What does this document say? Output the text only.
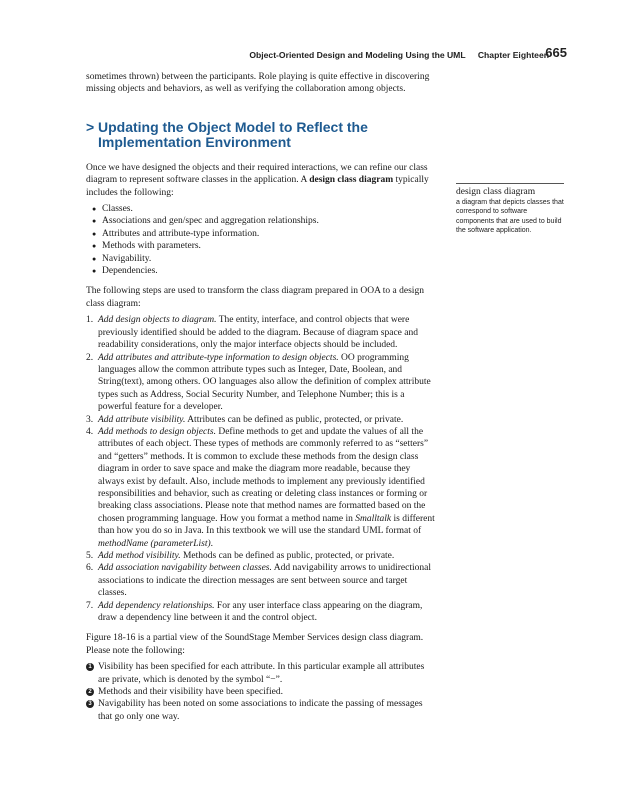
Object-Oriented Design and Modeling Using the UML Chapter Eighteen
665

sometimes thrown) between the participants. Role playing is quite effective in discovering missing objects and behaviors, as well as verifying the collaboration among objects.

> Updating the Object Model to Reflect the Implementation Environment

Once we have designed the objects and their required interactions, we can refine our class diagram to represent software classes in the application. A design class diagram typically includes the following:

● Classes.
● Associations and gen/spec and aggregation relationships.
● Attributes and attribute-type information.
● Methods with parameters.
● Navigability.
● Dependencies.

The following steps are used to transform the class diagram prepared in OOA to a design class diagram:

1. Add design objects to diagram. The entity, interface, and control objects that were previously identified should be added to the diagram. Because of diagram space and readability considerations, only the major interface objects should be included.
2. Add attributes and attribute-type information to design objects. OO programming languages allow the common attribute types such as Integer, Date, Boolean, and String(text), among others. OO languages also allow the definition of complex attribute types such as Address, Social Security Number, and Telephone Number; this is a powerful feature for a developer.
3. Add attribute visibility. Attributes can be defined as public, protected, or private.
4. Add methods to design objects. Define methods to get and update the values of all the attributes of each object. These types of methods are commonly referred to as “setters” and “getters” methods. It is common to exclude these methods from the design class diagram in order to save space and make the diagram more readable, because they always exist by default. Also, include methods to implement any previously identified responsibilities and behavior, such as creating or deleting class instances or forming or breaking class associations. Please note that method names are formatted based on the chosen programming language. How you format a method name in Smalltalk is different than how you do so in Java. In this textbook we will use the standard UML format of methodName (parameterList).
5. Add method visibility. Methods can be defined as public, protected, or private.
6. Add association navigability between classes. Add navigability arrows to unidirectional associations to indicate the direction messages are sent between source and target classes.
7. Add dependency relationships. For any user interface class appearing on the diagram, draw a dependency line between it and the control object.

Figure 18-16 is a partial view of the SoundStage Member Services design class diagram. Please note the following:

1 Visibility has been specified for each attribute. In this particular example all attributes are private, which is denoted by the symbol “−”.
2 Methods and their visibility have been specified.
3 Navigability has been noted on some associations to indicate the passing of messages that go only one way.
design class diagram
a diagram that depicts classes that correspond to software components that are used to build the software application.
